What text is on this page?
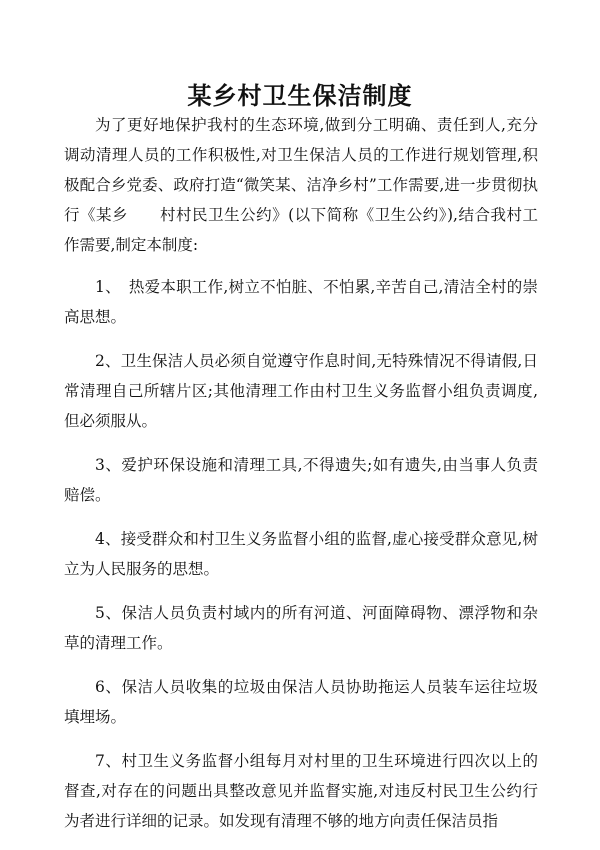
某乡村卫生保洁制度

为了更好地保护我村的生态环境,做到分工明确、责任到人,充分调动清理人员的工作积极性,对卫生保洁人员的工作进行规划管理,积极配合乡党委、政府打造“微笑某、洁净乡村”工作需要,进一步贯彻执行《某乡　　村村民卫生公约》(以下简称《卫生公约》),结合我村工作需要,制定本制度:

1、　热爱本职工作,树立不怕脏、不怕累,辛苦自己,清洁全村的崇高思想。

2、卫生保洁人员必须自觉遵守作息时间,无特殊情况不得请假,日常清理自己所辖片区;其他清理工作由村卫生义务监督小组负责调度,但必须服从。

3、爱护环保设施和清理工具,不得遗失;如有遗失,由当事人负责赔偿。

4、接受群众和村卫生义务监督小组的监督,虚心接受群众意见,树立为人民服务的思想。

5、保洁人员负责村域内的所有河道、河面障碍物、漂浮物和杂草的清理工作。

6、保洁人员收集的垃圾由保洁人员协助拖运人员装车运往垃圾填埋场。

7、村卫生义务监督小组每月对村里的卫生环境进行四次以上的督查,对存在的问题出具整改意见并监督实施,对违反村民卫生公约行为者进行详细的记录。如发现有清理不够的地方向责任保洁员指
